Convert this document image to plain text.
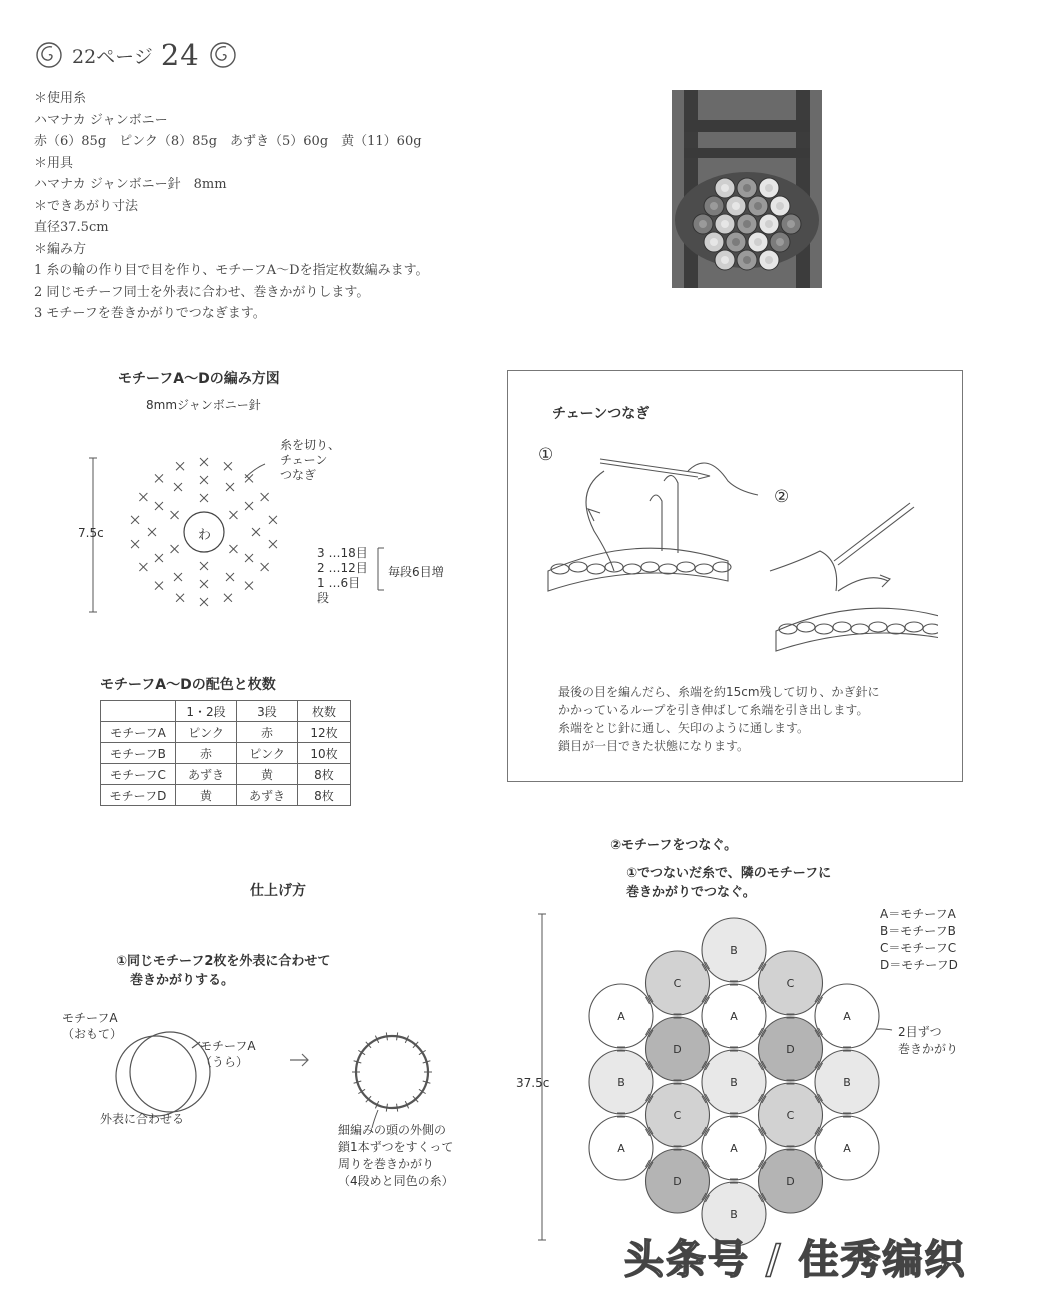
22ページ 24
＊使用糸
ハマナカ ジャンボニー
赤（6）85g　ピンク（8）85g　あずき（5）60g　黄（11）60g
＊用具
ハマナカ ジャンボニー針　8mm
＊できあがり寸法
直径37.5cm
＊編み方
1 糸の輪の作り目で目を作り、モチーフA～Dを指定枚数編みます。
2 同じモチーフ同士を外表に合わせ、巻きかがりします。
3 モチーフを巻きかがりでつなぎます。
モチーフA～Dの編み方図
8mmジャンボニー針
7.5c	わ
糸を切り、
チェーン
つなぎ
3 …18目
2 …12目
1 …6目
段
毎段6目増
モチーフA～Dの配色と枚数
	1・2段	3段	枚数
モチーフA	ピンク	赤	12枚
モチーフB	赤	ピンク	10枚
モチーフC	あずき	黄	8枚
モチーフD	黄	あずき	8枚
チェーンつなぎ
①
②
最後の目を編んだら、糸端を約15cm残して切り、かぎ針に
かかっているループを引き伸ばして糸端を引き出します。
糸端をとじ針に通し、矢印のように通します。
鎖目が一目できた状態になります。
仕上げ方
①同じモチーフ2枚を外表に合わせて
巻きかがりする。
モチーフA
（おもて）
モチーフA
（うら）
外表に合わせる
細編みの頭の外側の
鎖1本ずつをすくって
周りを巻きかがり
（4段めと同色の糸）
②モチーフをつなぐ。
①でつないだ糸で、隣のモチーフに
巻きかがりでつなぐ。
A＝モチーフA
B＝モチーフB
C＝モチーフC
D＝モチーフD
2目ずつ
巻きかがり
37.5c
B
C	C
A	A	A
D	D
B	B	B
C	C
A	A	A
D	D
B
头条号 / 佳秀编织
